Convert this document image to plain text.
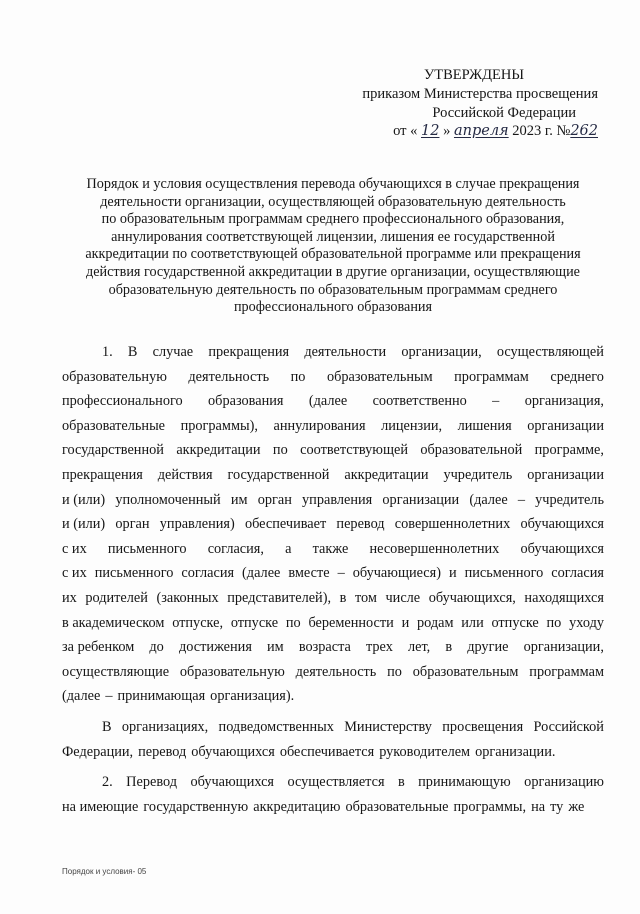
УТВЕРЖДЕНЫ
приказом Министерства просвещения
Российской Федерации
от « 12 » апреля 2023 г. №262
Порядок и условия осуществления перевода обучающихся в случае прекращения
деятельности организации, осуществляющей образовательную деятельность
по образовательным программам среднего профессионального образования,
аннулирования соответствующей лицензии, лишения ее государственной
аккредитации по соответствующей образовательной программе или прекращения
действия государственной аккредитации в другие организации, осуществляющие
образовательную деятельность по образовательным программам среднего
профессионального образования
1. В случае прекращения деятельности организации, осуществляющей
образовательную деятельность по образовательным программам среднего
профессионального образования (далее соответственно – организация,
образовательные программы), аннулирования лицензии, лишения организации
государственной аккредитации по соответствующей образовательной программе,
прекращения действия государственной аккредитации учредитель организации
и (или) уполномоченный им орган управления организации (далее – учредитель
и (или) орган управления) обеспечивает перевод совершеннолетних обучающихся
с их письменного согласия, а также несовершеннолетних обучающихся
с их письменного согласия (далее вместе – обучающиеся) и письменного согласия
их родителей (законных представителей), в том числе обучающихся, находящихся
в академическом отпуске, отпуске по беременности и родам или отпуске по уходу
за ребенком до достижения им возраста трех лет, в другие организации,
осуществляющие образовательную деятельность по образовательным программам
(далее – принимающая организация).
В организациях, подведомственных Министерству просвещения Российской
Федерации, перевод обучающихся обеспечивается руководителем организации.
2. Перевод обучающихся осуществляется в принимающую организацию
на имеющие государственную аккредитацию образовательные программы, на ту же
Порядок и условия- 05
